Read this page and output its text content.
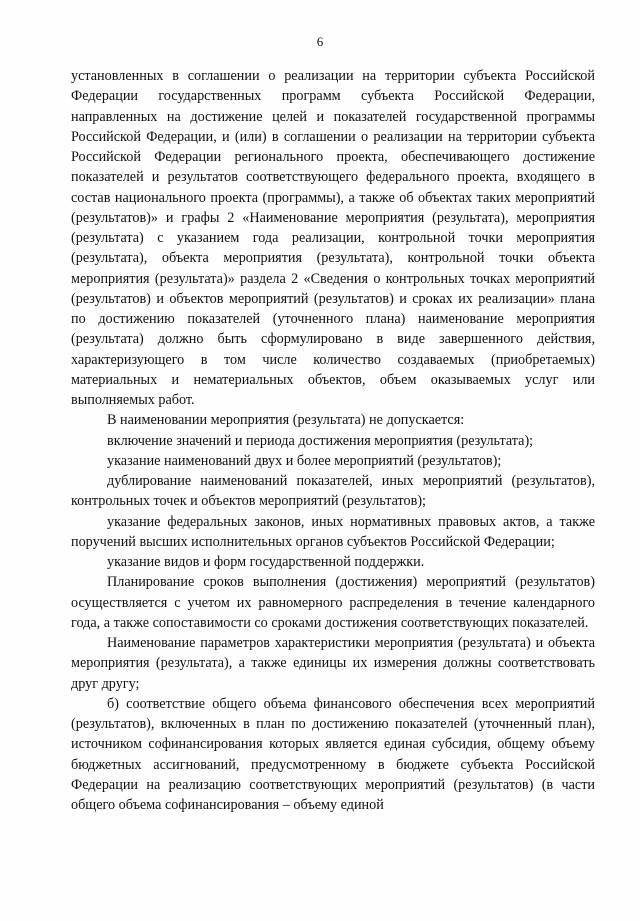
6

установленных в соглашении о реализации на территории субъекта Российской Федерации государственных программ субъекта Российской Федерации, направленных на достижение целей и показателей государственной программы Российской Федерации, и (или) в соглашении о реализации на территории субъекта Российской Федерации регионального проекта, обеспечивающего достижение показателей и результатов соответствующего федерального проекта, входящего в состав национального проекта (программы), а также об объектах таких мероприятий (результатов)» и графы 2 «Наименование мероприятия (результата), мероприятия (результата) с указанием года реализации, контрольной точки мероприятия (результата), объекта мероприятия (результата), контрольной точки объекта мероприятия (результата)» раздела 2 «Сведения о контрольных точках мероприятий (результатов) и объектов мероприятий (результатов) и сроках их реализации» плана по достижению показателей (уточненного плана) наименование мероприятия (результата) должно быть сформулировано в виде завершенного действия, характеризующего в том числе количество создаваемых (приобретаемых) материальных и нематериальных объектов, объем оказываемых услуг или выполняемых работ.

В наименовании мероприятия (результата) не допускается:

включение значений и периода достижения мероприятия (результата);

указание наименований двух и более мероприятий (результатов);

дублирование наименований показателей, иных мероприятий (результатов), контрольных точек и объектов мероприятий (результатов);

указание федеральных законов, иных нормативных правовых актов, а также поручений высших исполнительных органов субъектов Российской Федерации;

указание видов и форм государственной поддержки.

Планирование сроков выполнения (достижения) мероприятий (результатов) осуществляется с учетом их равномерного распределения в течение календарного года, а также сопоставимости со сроками достижения соответствующих показателей.

Наименование параметров характеристики мероприятия (результата) и объекта мероприятия (результата), а также единицы их измерения должны соответствовать друг другу;

б) соответствие общего объема финансового обеспечения всех мероприятий (результатов), включенных в план по достижению показателей (уточненный план), источником софинансирования которых является единая субсидия, общему объему бюджетных ассигнований, предусмотренному в бюджете субъекта Российской Федерации на реализацию соответствующих мероприятий (результатов) (в части общего объема софинансирования – объему единой
